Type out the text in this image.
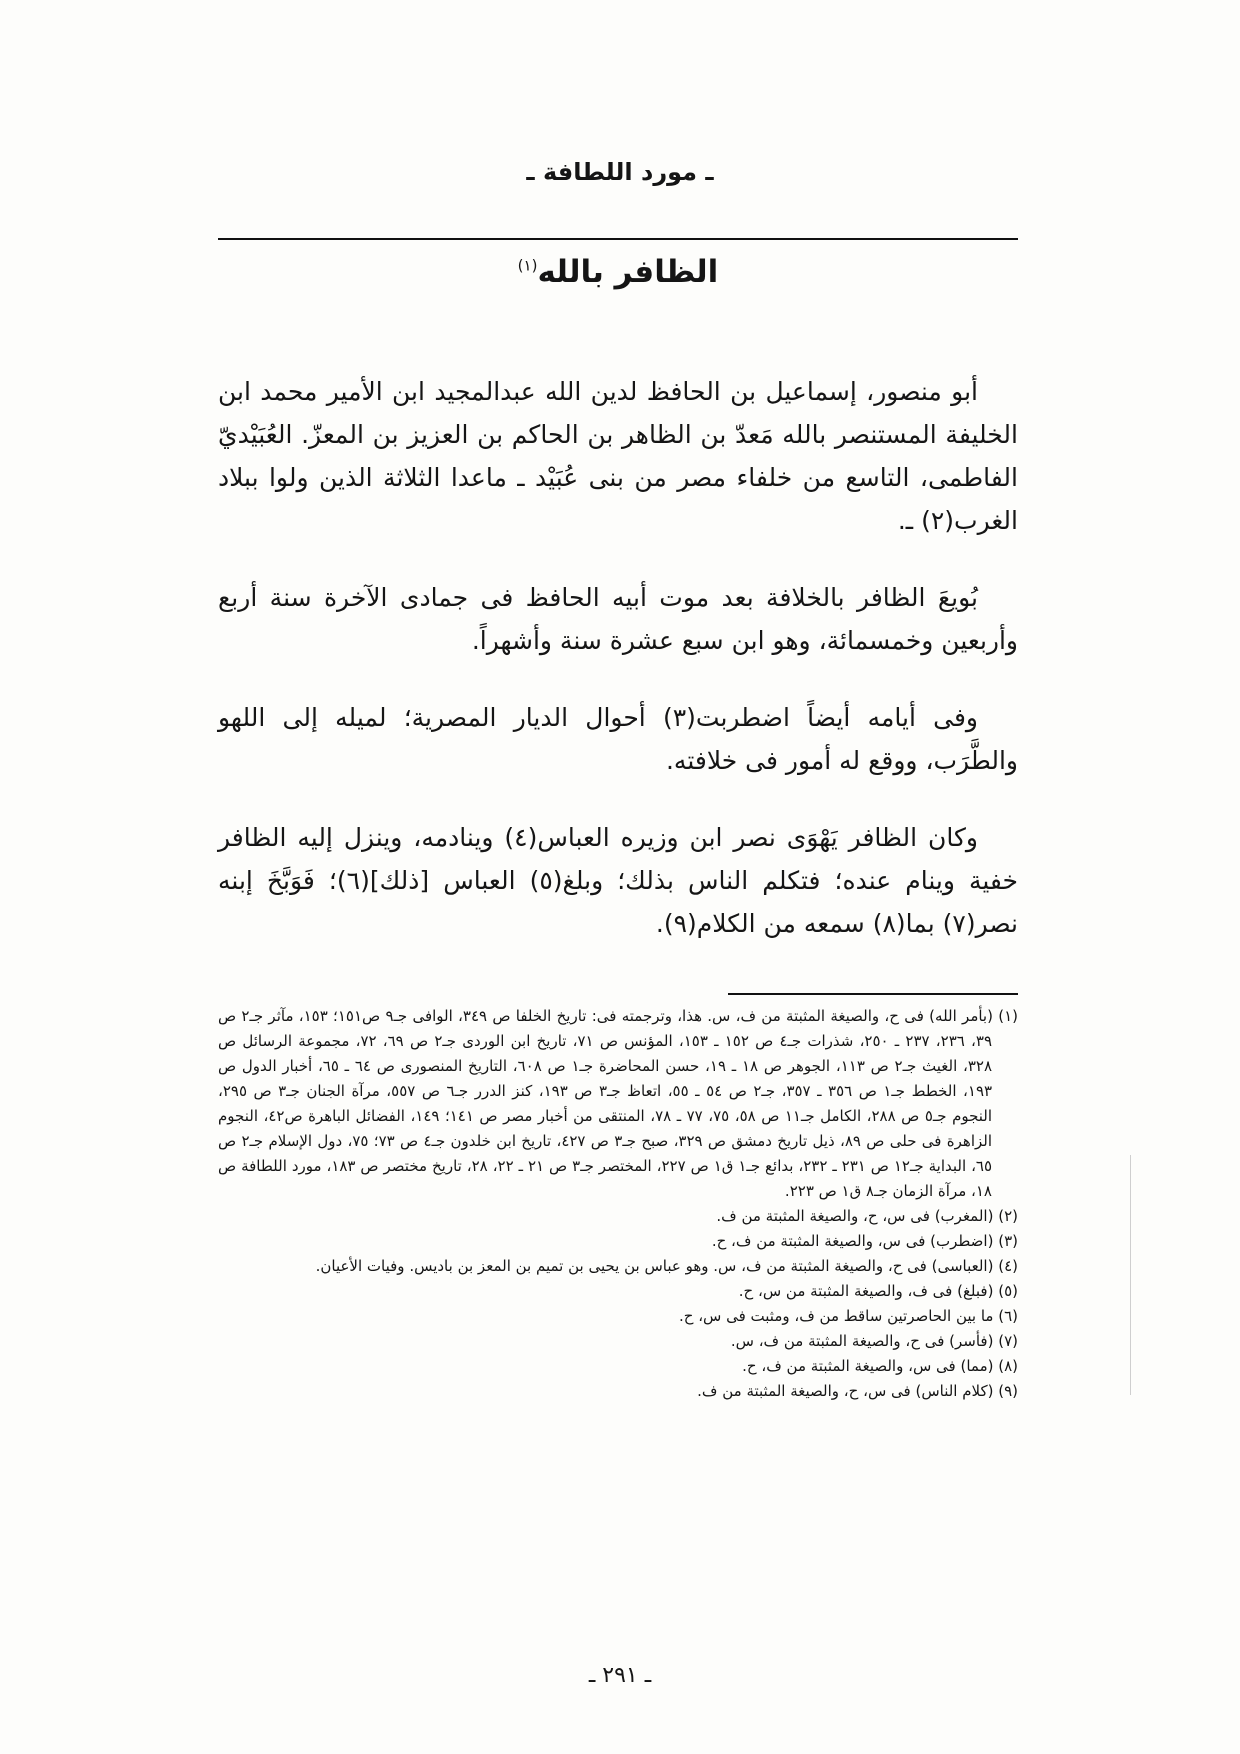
ـ مورد اللطافة ـ
الظافر بالله$^{(١)}$

أبو منصور، إسماعيل بن الحافظ لدين الله عبدالمجيد ابن الأمير محمد ابن الخليفة المستنصر بالله مَعدّ بن الظاهر بن الحاكم بن العزيز بن المعزّ. العُبَيْديّ الفاطمى، التاسع من خلفاء مصر من بنى عُبَيْد ـ ماعدا الثلاثة الذين ولوا ببلاد الغرب(٢) ـ.

بُويعَ الظافر بالخلافة بعد موت أبيه الحافظ فى جمادى الآخرة سنة أربع وأربعين وخمسمائة، وهو ابن سبع عشرة سنة وأشهراً.

وفى أيامه أيضاً اضطربت(٣) أحوال الديار المصرية؛ لميله إلى اللهو والطَّرَب، ووقع له أمور فى خلافته.

وكان الظافر يَهْوَى نصر ابن وزيره العباس(٤) وينادمه، وينزل إليه الظافر خفية وينام عنده؛ فتكلم الناس بذلك؛ وبلغ(٥) العباس [ذلك](٦)؛ فَوَبَّخَ إبنه نصر(٧) بما(٨) سمعه من الكلام(٩).

(١) (بأمر الله) فى ح، والصيغة المثبتة من ف، س. هذا، وترجمته فى: تاريخ الخلفا ص ٣٤٩، الوافى جـ٩ ص١٥١؛ ١٥٣، مآثر جـ٢ ص ٣٩، ٢٣٦، ٢٣٧ ـ ٢٥٠، شذرات جـ٤ ص ١٥٢ ـ ١٥٣، المؤنس ص ٧١، تاريخ ابن الوردى جـ٢ ص ٦٩، ٧٢، مجموعة الرسائل ص ٣٢٨، الغيث جـ٢ ص ١١٣، الجوهر ص ١٨ ـ ١٩، حسن المحاضرة جـ١ ص ٦٠٨، التاريخ المنصورى ص ٦٤ ـ ٦٥، أخبار الدول ص ١٩٣، الخطط جـ١ ص ٣٥٦ ـ ٣٥٧، جـ٢ ص ٥٤ ـ ٥٥، اتعاظ جـ٣ ص ١٩٣، كنز الدرر جـ٦ ص ٥٥٧، مرآة الجنان جـ٣ ص ٢٩٥، النجوم جـ٥ ص ٢٨٨، الكامل جـ١١ ص ٥٨، ٧٥، ٧٧ ـ ٧٨، المنتقى من أخبار مصر ص ١٤١؛ ١٤٩، الفضائل الباهرة ص٤٢، النجوم الزاهرة فى حلى ص ٨٩، ذيل تاريخ دمشق ص ٣٢٩، صبح جـ٣ ص ٤٢٧، تاريخ ابن خلدون جـ٤ ص ٧٣؛ ٧٥، دول الإسلام جـ٢ ص ٦٥، البداية جـ١٢ ص ٢٣١ ـ ٢٣٢، بدائع جـ١ ق١ ص ٢٢٧، المختصر جـ٣ ص ٢١ ـ ٢٢، ٢٨، تاريخ مختصر ص ١٨٣، مورد اللطافة ص ١٨، مرآة الزمان جـ٨ ق١ ص ٢٢٣.

(٢) (المغرب) فى س، ح، والصيغة المثبتة من ف.

(٣) (اضطرب) فى س، والصيغة المثبتة من ف، ح.

(٤) (العباسى) فى ح، والصيغة المثبتة من ف، س. وهو عباس بن يحيى بن تميم بن المعز بن باديس. وفيات الأعيان.

(٥) (فبلغ) فى ف، والصيغة المثبتة من س، ح.

(٦) ما بين الحاصرتين ساقط من ف، ومثبت فى س، ح.

(٧) (فأسر) فى ح، والصيغة المثبتة من ف، س.

(٨) (مما) فى س، والصيغة المثبتة من ف، ح.

(٩) (كلام الناس) فى س، ح، والصيغة المثبتة من ف.

ـ ٢٩١ ـ
